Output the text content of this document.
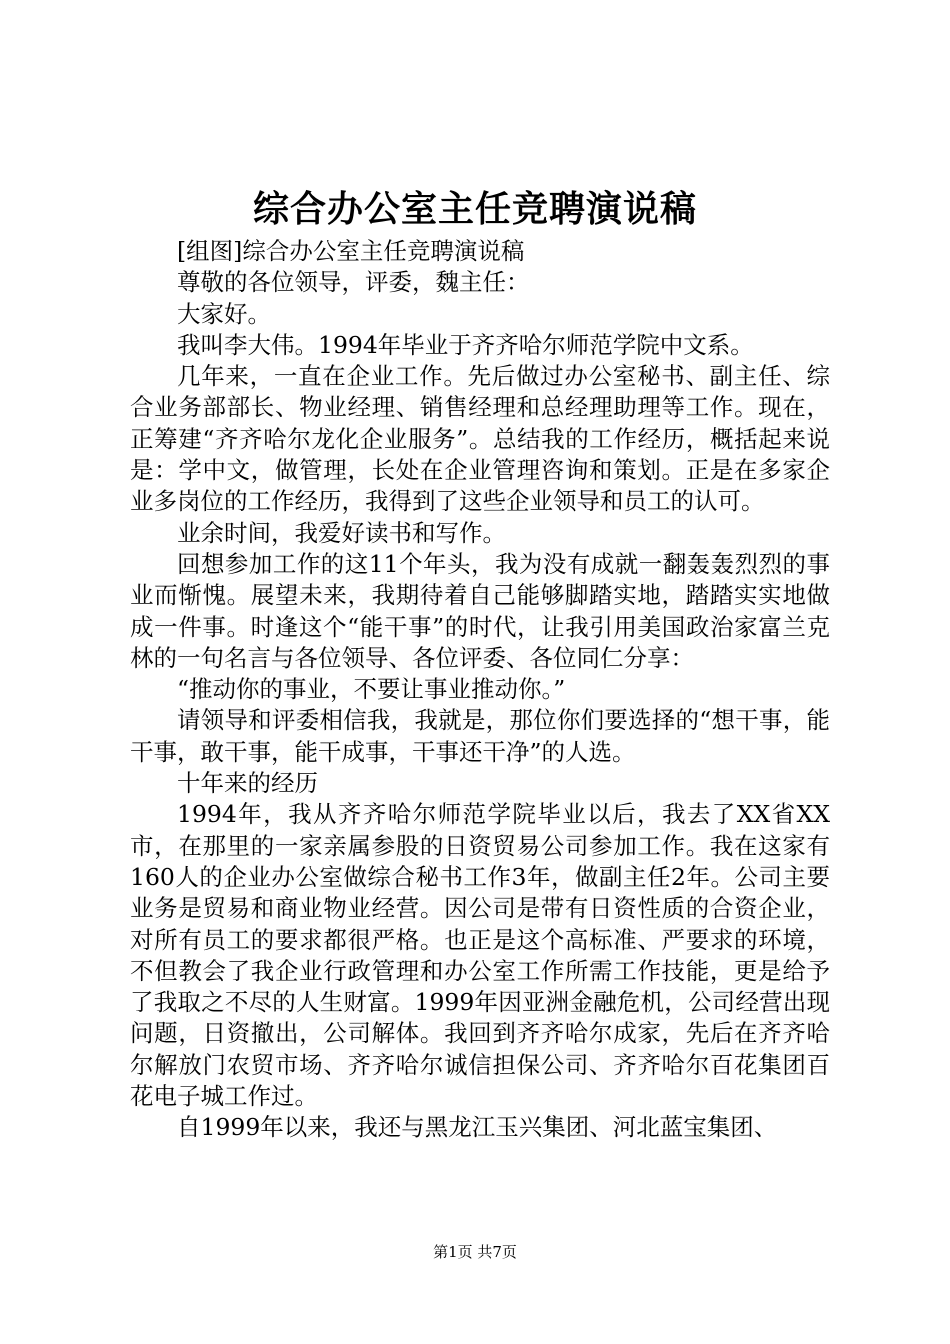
综合办公室主任竞聘演说稿

[组图]综合办公室主任竞聘演说稿

尊敬的各位领导，评委，魏主任：

大家好。

我叫李大伟。1994年毕业于齐齐哈尔师范学院中文系。

几年来，一直在企业工作。先后做过办公室秘书、副主任、综合业务部部长、物业经理、销售经理和总经理助理等工作。现在，正筹建“齐齐哈尔龙化企业服务”。总结我的工作经历，概括起来说是：学中文，做管理，长处在企业管理咨询和策划。正是在多家企业多岗位的工作经历，我得到了这些企业领导和员工的认可。

业余时间，我爱好读书和写作。

回想参加工作的这11个年头，我为没有成就一翻轰轰烈烈的事业而惭愧。展望未来，我期待着自己能够脚踏实地，踏踏实实地做成一件事。时逢这个“能干事”的时代，让我引用美国政治家富兰克林的一句名言与各位领导、各位评委、各位同仁分享：

“推动你的事业，不要让事业推动你。”

请领导和评委相信我，我就是，那位你们要选择的“想干事，能干事，敢干事，能干成事，干事还干净”的人选。

十年来的经历

1994年，我从齐齐哈尔师范学院毕业以后，我去了XX省XX市，在那里的一家亲属参股的日资贸易公司参加工作。我在这家有160人的企业办公室做综合秘书工作3年，做副主任2年。公司主要业务是贸易和商业物业经营。因公司是带有日资性质的合资企业，对所有员工的要求都很严格。也正是这个高标准、严要求的环境，不但教会了我企业行政管理和办公室工作所需工作技能，更是给予了我取之不尽的人生财富。1999年因亚洲金融危机，公司经营出现问题，日资撤出，公司解体。我回到齐齐哈尔成家，先后在齐齐哈尔解放门农贸市场、齐齐哈尔诚信担保公司、齐齐哈尔百花集团百花电子城工作过。

自1999年以来，我还与黑龙江玉兴集团、河北蓝宝集团、

第1页 共7页
